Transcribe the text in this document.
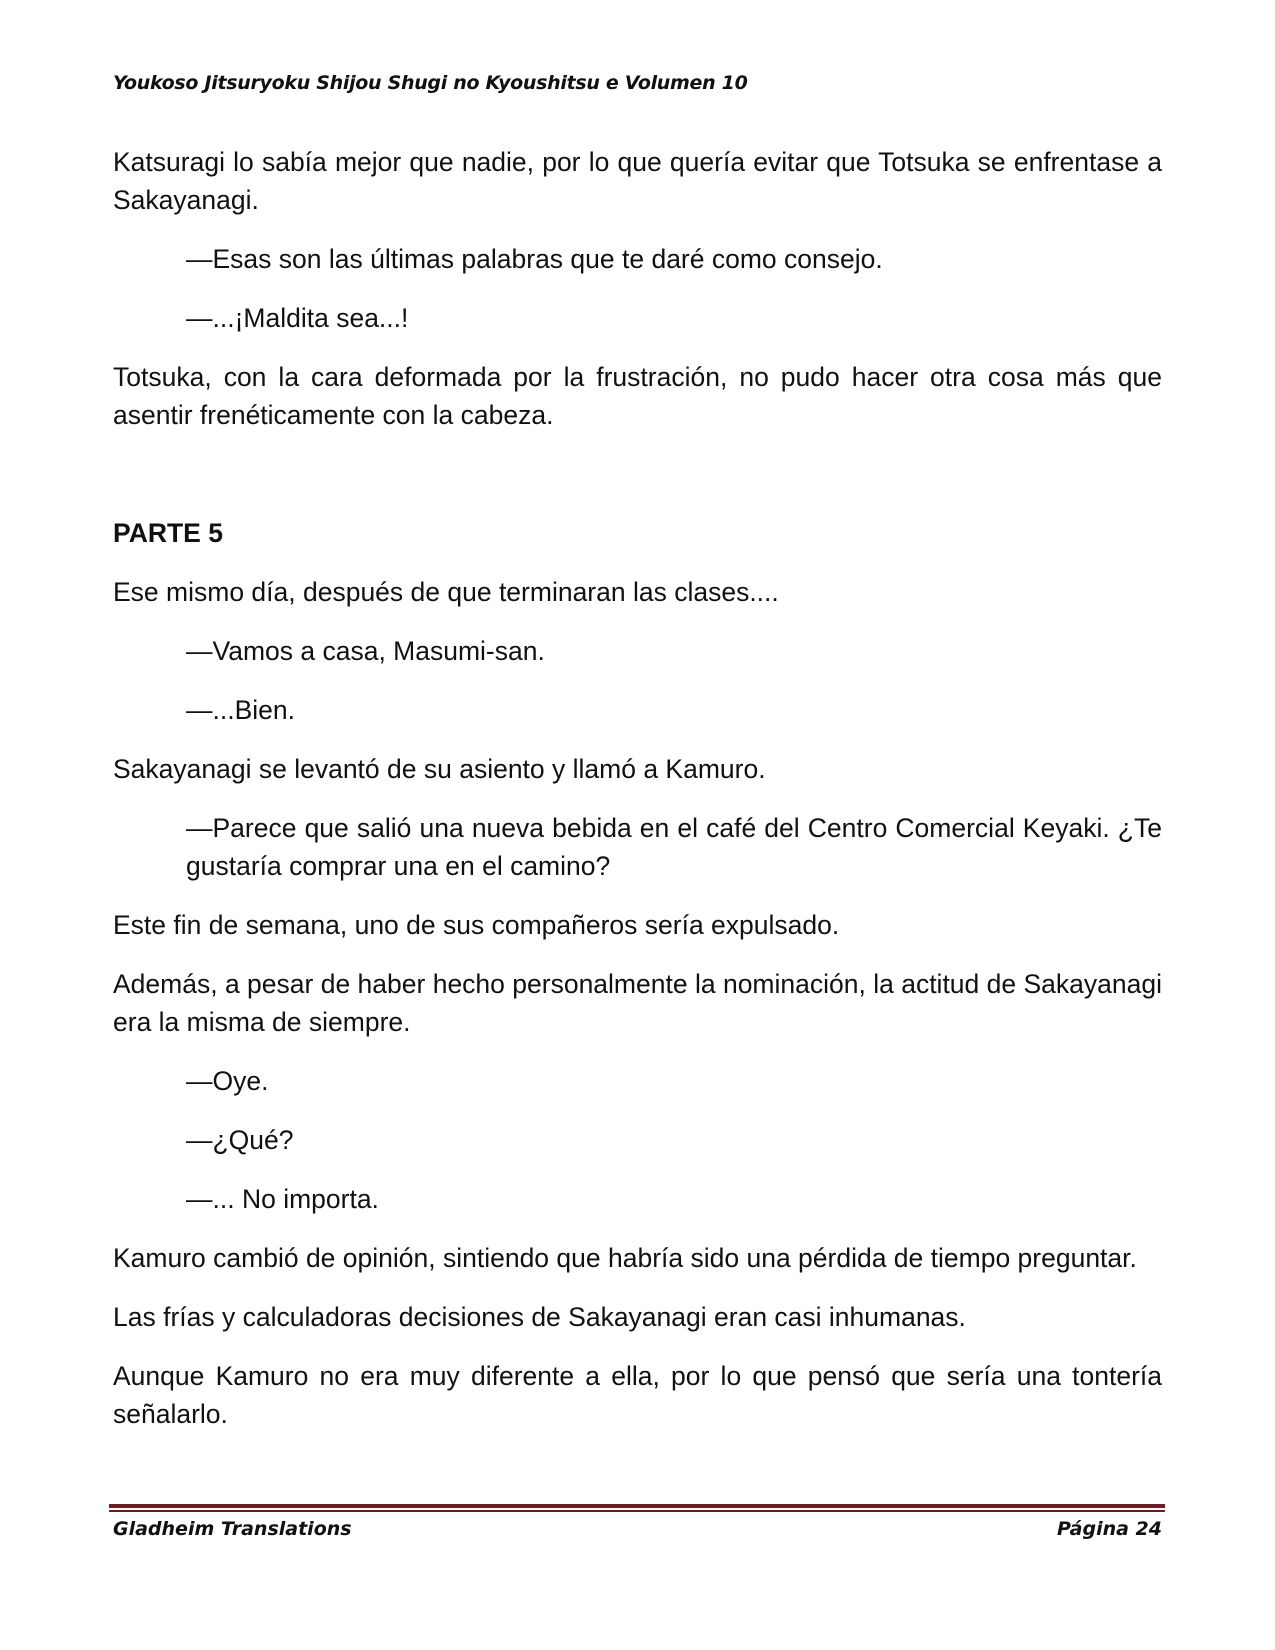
Youkoso Jitsuryoku Shijou Shugi no Kyoushitsu e Volumen 10

Katsuragi lo sabía mejor que nadie, por lo que quería evitar que Totsuka se enfrentase a Sakayanagi.

—Esas son las últimas palabras que te daré como consejo.

—...¡Maldita sea...!

Totsuka, con la cara deformada por la frustración, no pudo hacer otra cosa más que asentir frenéticamente con la cabeza.

PARTE 5

Ese mismo día, después de que terminaran las clases....

—Vamos a casa, Masumi-san.

—...Bien.

Sakayanagi se levantó de su asiento y llamó a Kamuro.

—Parece que salió una nueva bebida en el café del Centro Comercial Keyaki. ¿Te gustaría comprar una en el camino?

Este fin de semana, uno de sus compañeros sería expulsado.

Además, a pesar de haber hecho personalmente la nominación, la actitud de Sakayanagi era la misma de siempre.

—Oye.

—¿Qué?

—... No importa.

Kamuro cambió de opinión, sintiendo que habría sido una pérdida de tiempo preguntar.

Las frías y calculadoras decisiones de Sakayanagi eran casi inhumanas.

Aunque Kamuro no era muy diferente a ella, por lo que pensó que sería una tontería señalarlo.

Gladheim Translations	Página 24
